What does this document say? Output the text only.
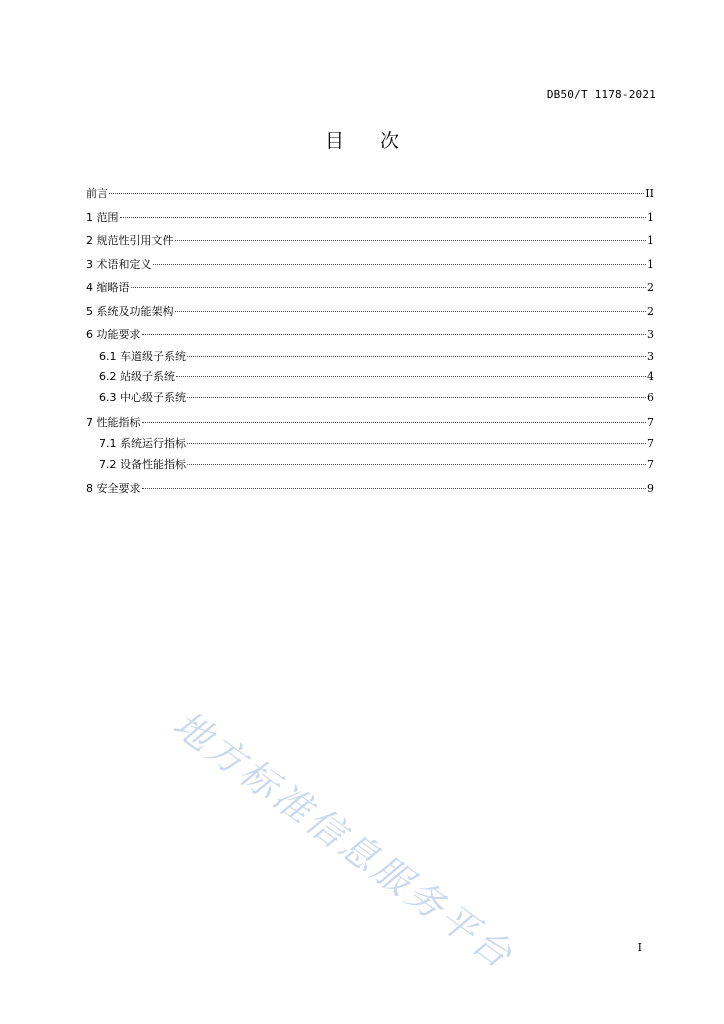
DB50/T 1178-2021
目次
前言	II
1 范围	1
2 规范性引用文件	1
3 术语和定义	1
4 缩略语	2
5 系统及功能架构	2
6 功能要求	3
6.1 车道级子系统	3
6.2 站级子系统	4
6.3 中心级子系统	6
7 性能指标	7
7.1 系统运行指标	7
7.2 设备性能指标	7
8 安全要求	9
地方标准信息服务平台	I
